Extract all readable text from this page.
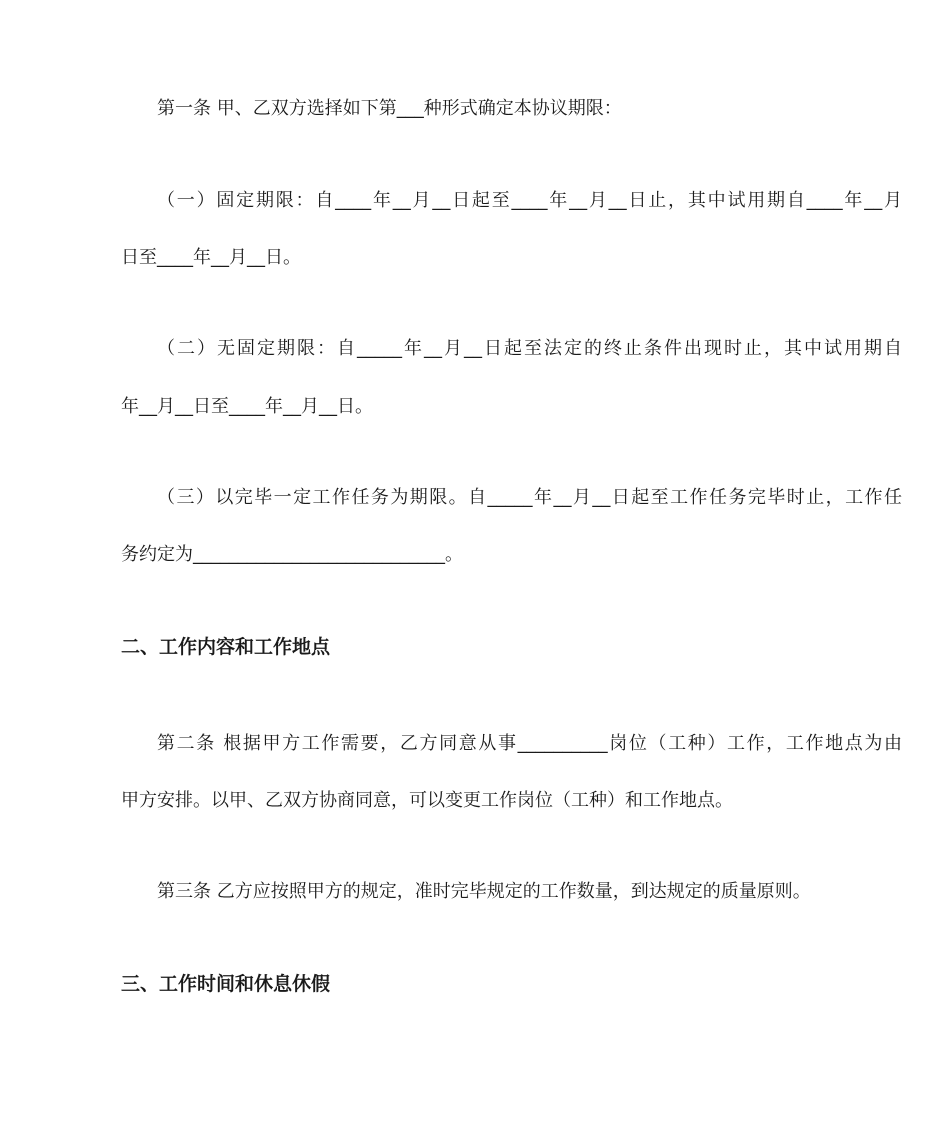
第一条 甲、乙双方选择如下第___种形式确定本协议期限：
（一）固定期限：自____年__月__日起至____年__月__日止，其中试用期自____年__月
日至____年__月__日。
（二）无固定期限：自_____年__月__日起至法定的终止条件出现时止，其中试用期自
年__月__日至____年__月__日。
（三）以完毕一定工作任务为期限。自_____年__月__日起至工作任务完毕时止，工作任
务约定为____________________________。
二、工作内容和工作地点
第二条 根据甲方工作需要，乙方同意从事__________岗位（工种）工作，工作地点为由
甲方安排。以甲、乙双方协商同意，可以变更工作岗位（工种）和工作地点。
第三条 乙方应按照甲方的规定，准时完毕规定的工作数量，到达规定的质量原则。
三、工作时间和休息休假
